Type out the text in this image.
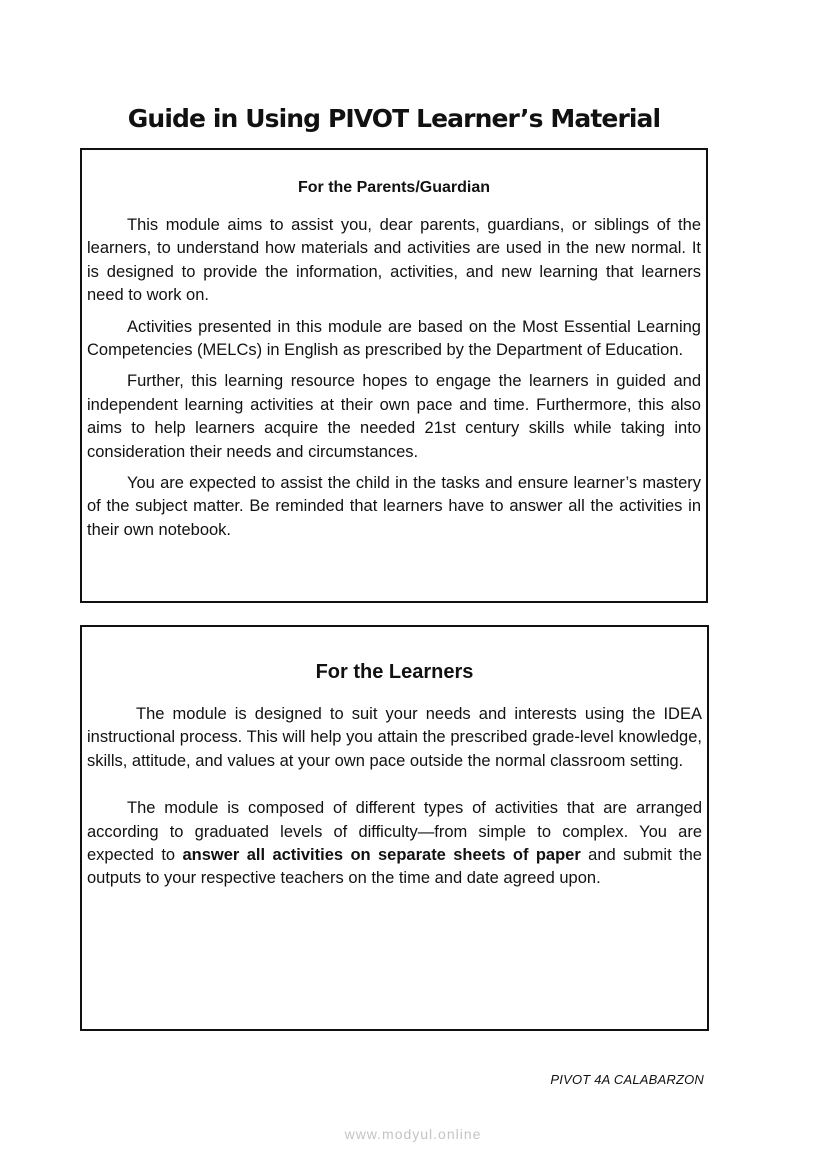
Guide in Using PIVOT Learner’s Material
For the Parents/Guardian

This module aims to assist you, dear parents, guardians, or siblings of the learners, to understand how materials and activities are used in the new normal. It is designed to provide the information, activities, and new learning that learners need to work on.

Activities presented in this module are based on the Most Essential Learning Competencies (MELCs) in English as prescribed by the Department of Education.

Further, this learning resource hopes to engage the learners in guided and independent learning activities at their own pace and time. Furthermore, this also aims to help learners acquire the needed 21st century skills while taking into consideration their needs and circumstances.

You are expected to assist the child in the tasks and ensure learner’s mastery of the subject matter. Be reminded that learners have to answer all the activities in their own notebook.

For the Learners

The module is designed to suit your needs and interests using the IDEA instructional process. This will help you attain the prescribed grade-level knowledge, skills, attitude, and values at your own pace outside the normal classroom setting.

The module is composed of different types of activities that are arranged according to graduated levels of difficulty—from simple to complex. You are expected to answer all activities on separate sheets of paper and submit the outputs to your respective teachers on the time and date agreed upon.

PIVOT 4A CALABARZON
www.modyul.online
